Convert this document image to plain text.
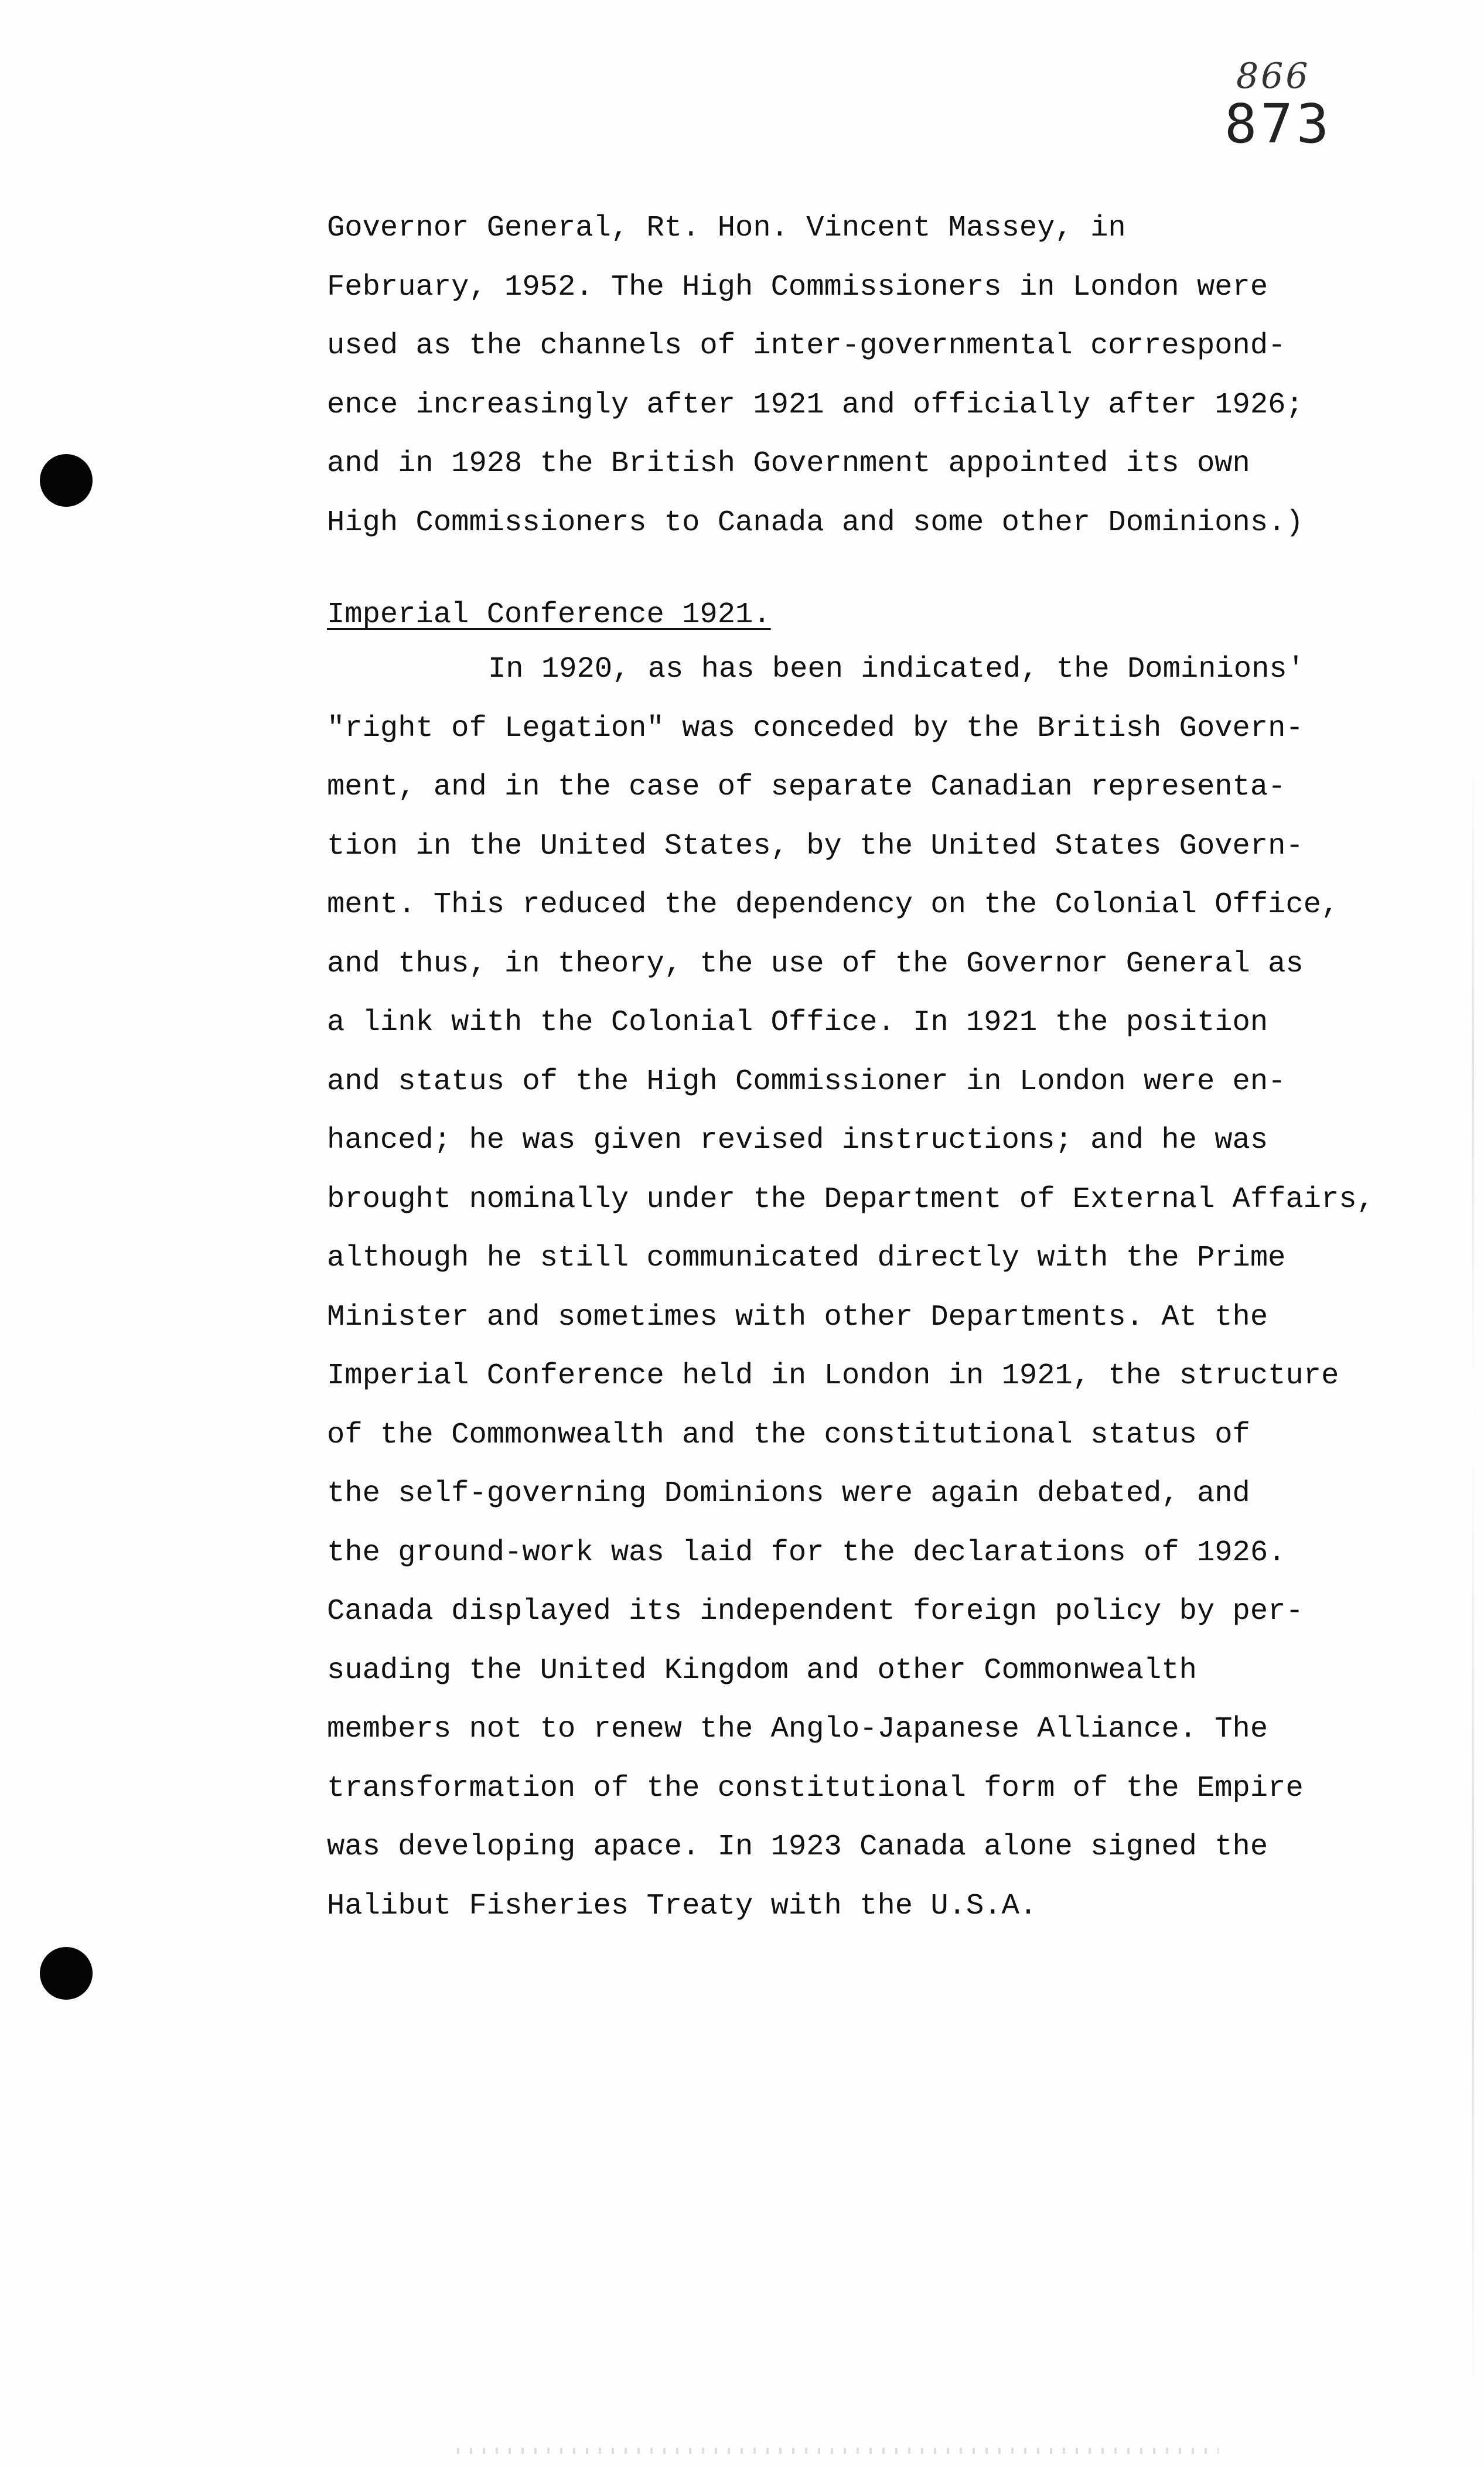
866
873

Governor General, Rt. Hon. Vincent Massey, in

February, 1952. The High Commissioners in London were

used as the channels of inter-governmental correspond-

ence increasingly after 1921 and officially after 1926;

and in 1928 the British Government appointed its own

High Commissioners to Canada and some other Dominions.)

Imperial Conference 1921.

In 1920, as has been indicated, the Dominions'

"right of Legation" was conceded by the British Govern-

ment, and in the case of separate Canadian representa-

tion in the United States, by the United States Govern-

ment. This reduced the dependency on the Colonial Office,

and thus, in theory, the use of the Governor General as

a link with the Colonial Office. In 1921 the position

and status of the High Commissioner in London were en-

hanced; he was given revised instructions; and he was

brought nominally under the Department of External Affairs,

although he still communicated directly with the Prime

Minister and sometimes with other Departments. At the

Imperial Conference held in London in 1921, the structure

of the Commonwealth and the constitutional status of

the self-governing Dominions were again debated, and

the ground-work was laid for the declarations of 1926.

Canada displayed its independent foreign policy by per-

suading the United Kingdom and other Commonwealth

members not to renew the Anglo-Japanese Alliance. The

transformation of the constitutional form of the Empire

was developing apace. In 1923 Canada alone signed the

Halibut Fisheries Treaty with the U.S.A.
